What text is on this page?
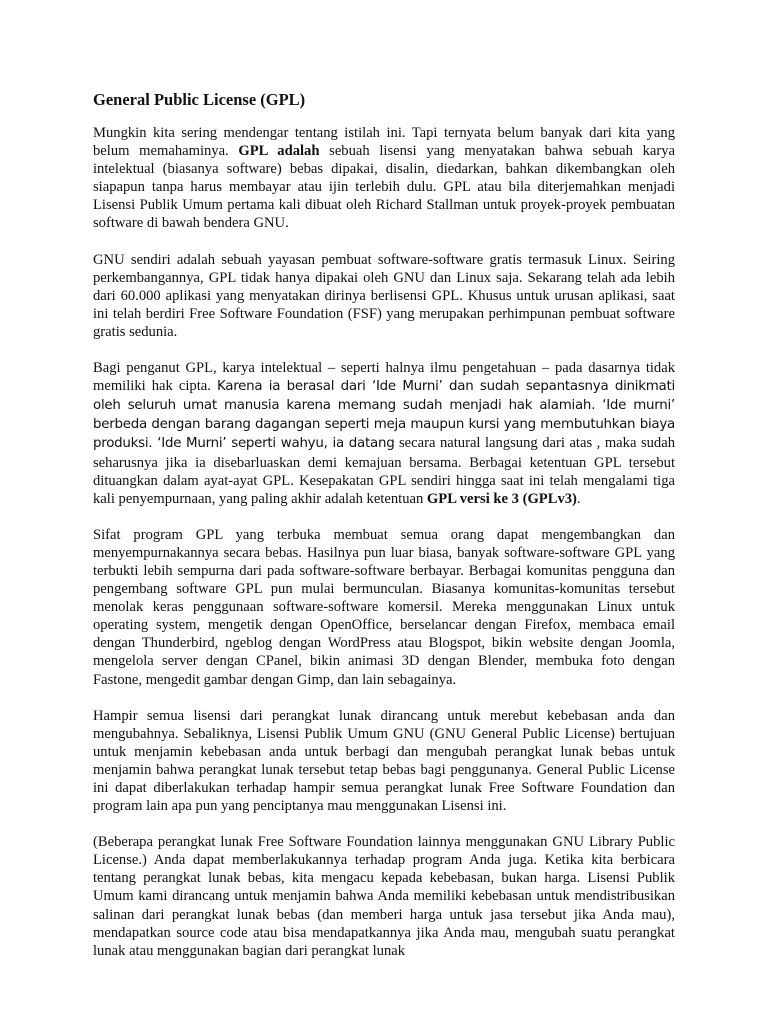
General Public License (GPL)

Mungkin kita sering mendengar tentang istilah ini. Tapi ternyata belum banyak dari kita yang belum memahaminya. GPL adalah sebuah lisensi yang menyatakan bahwa sebuah karya intelektual (biasanya software) bebas dipakai, disalin, diedarkan, bahkan dikembangkan oleh siapapun tanpa harus membayar atau ijin terlebih dulu. GPL atau bila diterjemahkan menjadi Lisensi Publik Umum pertama kali dibuat oleh Richard Stallman untuk proyek-proyek pembuatan software di bawah bendera GNU.

GNU sendiri adalah sebuah yayasan pembuat software-software gratis termasuk Linux. Seiring perkembangannya, GPL tidak hanya dipakai oleh GNU dan Linux saja. Sekarang telah ada lebih dari 60.000 aplikasi yang menyatakan dirinya berlisensi GPL. Khusus untuk urusan aplikasi, saat ini telah berdiri Free Software Foundation (FSF) yang merupakan perhimpunan pembuat software gratis sedunia.

Bagi penganut GPL, karya intelektual – seperti halnya ilmu pengetahuan – pada dasarnya tidak memiliki hak cipta. Karena ia berasal dari ‘Ide Murni’ dan sudah sepantasnya dinikmati oleh seluruh umat manusia karena memang sudah menjadi hak alamiah. ‘Ide murni’ berbeda dengan barang dagangan seperti meja maupun kursi yang membutuhkan biaya produksi. ‘Ide Murni’ seperti wahyu, ia datang secara natural langsung dari atas , maka sudah seharusnya jika ia disebarluaskan demi kemajuan bersama. Berbagai ketentuan GPL tersebut dituangkan dalam ayat-ayat GPL. Kesepakatan GPL sendiri hingga saat ini telah mengalami tiga kali penyempurnaan, yang paling akhir adalah ketentuan GPL versi ke 3 (GPLv3).

Sifat program GPL yang terbuka membuat semua orang dapat mengembangkan dan menyempurnakannya secara bebas. Hasilnya pun luar biasa, banyak software-software GPL yang terbukti lebih sempurna dari pada software-software berbayar. Berbagai komunitas pengguna dan pengembang software GPL pun mulai bermunculan. Biasanya komunitas-komunitas tersebut menolak keras penggunaan software-software komersil. Mereka menggunakan Linux untuk operating system, mengetik dengan OpenOffice, berselancar dengan Firefox, membaca email dengan Thunderbird, ngeblog dengan WordPress atau Blogspot, bikin website dengan Joomla, mengelola server dengan CPanel, bikin animasi 3D dengan Blender, membuka foto dengan Fastone, mengedit gambar dengan Gimp, dan lain sebagainya.

Hampir semua lisensi dari perangkat lunak dirancang untuk merebut kebebasan anda dan mengubahnya. Sebaliknya, Lisensi Publik Umum GNU (GNU General Public License) bertujuan untuk menjamin kebebasan anda untuk berbagi dan mengubah perangkat lunak bebas untuk menjamin bahwa perangkat lunak tersebut tetap bebas bagi penggunanya. General Public License ini dapat diberlakukan terhadap hampir semua perangkat lunak Free Software Foundation dan program lain apa pun yang penciptanya mau menggunakan Lisensi ini.

(Beberapa perangkat lunak Free Software Foundation lainnya menggunakan GNU Library Public License.) Anda dapat memberlakukannya terhadap program Anda juga. Ketika kita berbicara tentang perangkat lunak bebas, kita mengacu kepada kebebasan, bukan harga. Lisensi Publik Umum kami dirancang untuk menjamin bahwa Anda memiliki kebebasan untuk mendistribusikan salinan dari perangkat lunak bebas (dan memberi harga untuk jasa tersebut jika Anda mau), mendapatkan source code atau bisa mendapatkannya jika Anda mau, mengubah suatu perangkat lunak atau menggunakan bagian dari perangkat lunak
